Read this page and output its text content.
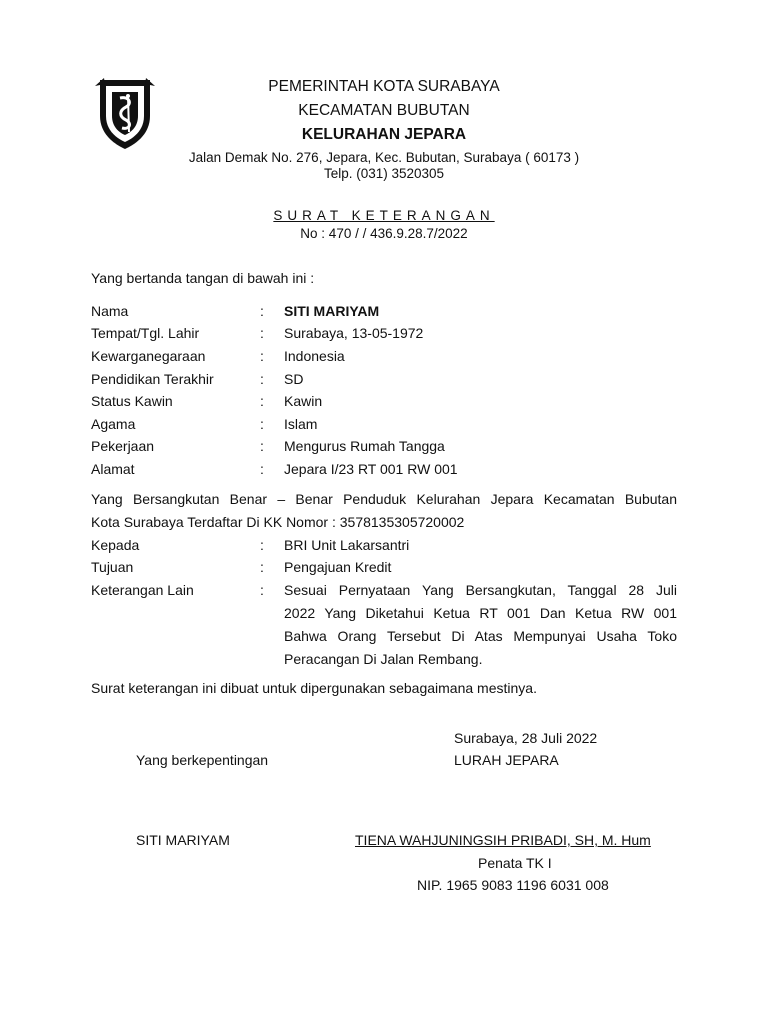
PEMERINTAH KOTA SURABAYA
KECAMATAN BUBUTAN
KELURAHAN JEPARA
Jalan Demak No. 276, Jepara, Kec. Bubutan, Surabaya ( 60173 )
Telp. (031) 3520305
SURAT KETERANGAN
No : 470 / / 436.9.28.7/2022
Yang bertanda tangan di bawah ini :
Nama	: SITI MARIYAM
Tempat/Tgl. Lahir	: Surabaya, 13-05-1972
Kewarganegaraan	: Indonesia
Pendidikan Terakhir	: SD
Status Kawin	: Kawin
Agama	: Islam
Pekerjaan	: Mengurus Rumah Tangga
Alamat	: Jepara I/23 RT 001 RW 001
Yang Bersangkutan Benar – Benar Penduduk Kelurahan Jepara Kecamatan Bubutan
Kota Surabaya Terdaftar Di KK Nomor : 3578135305720002
Kepada	: BRI Unit Lakarsantri
Tujuan	: Pengajuan Kredit
Keterangan Lain	: Sesuai Pernyataan Yang Bersangkutan, Tanggal 28 Juli
2022 Yang Diketahui Ketua RT 001 Dan Ketua RW 001
Bahwa Orang Tersebut Di Atas Mempunyai Usaha Toko
Peracangan Di Jalan Rembang.
Surat keterangan ini dibuat untuk dipergunakan sebagaimana mestinya.
Surabaya, 28 Juli 2022
Yang berkepentingan	LURAH JEPARA
SITI MARIYAM	TIENA WAHJUNINGSIH PRIBADI, SH, M. Hum
Penata TK I
NIP. 1965 9083 1196 6031 008
